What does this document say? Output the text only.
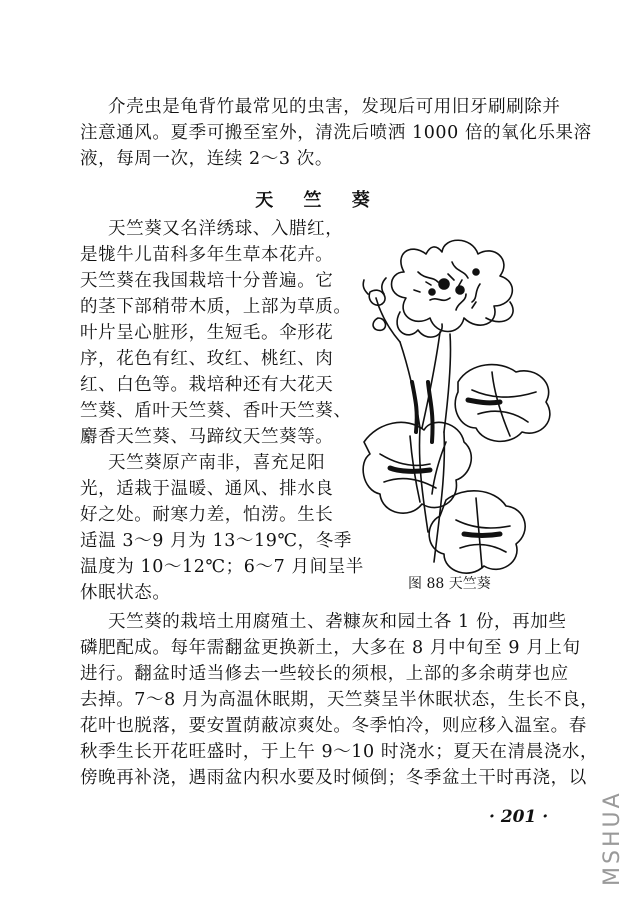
介壳虫是龟背竹最常见的虫害，发现后可用旧牙刷刷除并

注意通风。夏季可搬至室外，清洗后喷洒 1000 倍的氧化乐果溶

液，每周一次，连续 2～3 次。

天 竺 葵

天竺葵又名洋绣球、入腊红，

是牻牛儿苗科多年生草本花卉。

天竺葵在我国栽培十分普遍。它

的茎下部稍带木质，上部为草质。

叶片呈心脏形，生短毛。伞形花

序，花色有红、玫红、桃红、肉

红、白色等。栽培种还有大花天

竺葵、盾叶天竺葵、香叶天竺葵、

麝香天竺葵、马蹄纹天竺葵等。

天竺葵原产南非，喜充足阳

光，适栽于温暖、通风、排水良

好之处。耐寒力差，怕涝。生长

适温 3～9 月为 13～19℃，冬季

温度为 10～12℃；6～7 月间呈半

休眠状态。	图 88 天竺葵

天竺葵的栽培土用腐殖土、砻糠灰和园土各 1 份，再加些

磷肥配成。每年需翻盆更换新土，大多在 8 月中旬至 9 月上旬

进行。翻盆时适当修去一些较长的须根，上部的多余萌芽也应

去掉。7～8 月为高温休眠期，天竺葵呈半休眠状态，生长不良，

花叶也脱落，要安置荫蔽凉爽处。冬季怕冷，则应移入温室。春

秋季生长开花旺盛时，于上午 9～10 时浇水；夏天在清晨浇水，

傍晚再补浇，遇雨盆内积水要及时倾倒；冬季盆土干时再浇，以

· 201 · MSHUA
